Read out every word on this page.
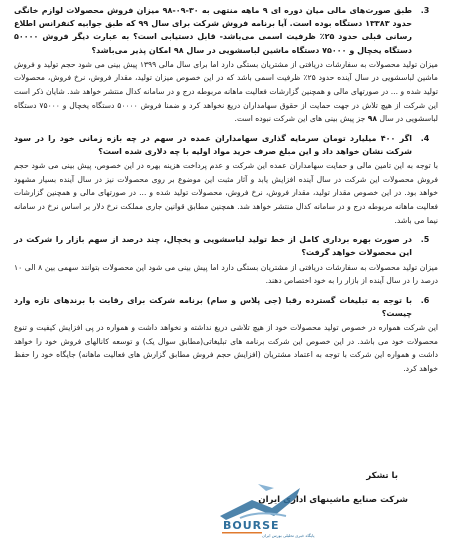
3.
طبق صورت‌های مالی میان دوره ای ۹ ماهه منتهی به ۳۰-۰۹-۹۸ میزان فروش محصولات لوازم خانگی حدود ۱۳۳۸۳ دستگاه بوده است. آیا برنامه فروش شرکت برای سال ۹۹ که طبق جوابیه کنفرانس اطلاع رسانی قبلی حدود ۲۵٪ ظرفیت اسمی می‌باشد- قابل دستیابی است؟ به عبارت دیگر فروش ۵۰۰۰۰ دستگاه یخچال و ۷۵۰۰۰ دستگاه ماشین لباسشویی در سال ۹۸ امکان پذیر می‌باشد؟
میزان تولید محصولات به سفارشات دریافتی از مشتریان بستگی دارد اما برای سال مالی ۱۳۹۹ پیش بینی می شود حجم تولید و فروش ماشین لباسشویی در سال آینده حدود ۲۵٪ ظرفیت اسمی باشد که در این خصوص میزان تولید، مقدار فروش، نرخ فروش، محصولات تولید شده و ... در صورتهای مالی و همچنین گزارشات فعالیت ماهانه مربوطه درج و در سامانه کدال منتشر خواهد شد. شایان ذکر است این شرکت از هیچ تلاش در جهت حمایت از حقوق سهامداران دریغ نخواهد کرد و ضمنا فروش ۵۰۰۰۰ دستگاه یخچال و ۷۵۰۰۰ دستگاه لباسشویی در سال ۹۸ جز پیش بینی های این شرکت نبوده است.
4.
اگر ۴۰۰ میلیارد تومان سرمایه گذاری سهامداران عمده در سهم در چه بازه زمانی خود را در سود شرکت نشان خواهد داد و این مبلغ صرف خرید مواد اولیه با چه دلاری شده است؟
با توجه به این تامین مالی و حمایت سهامداران عمده این شرکت و عدم پرداخت هزینه بهره در این خصوص، پیش بینی می شود حجم فروش محصولات این شرکت در سال آینده افزایش یابد و آثار مثبت این موضوع بر روی محصولات نیز در سال آینده بسیار مشهود خواهد بود. در این خصوص مقدار تولید، مقدار فروش، نرخ فروش، محصولات تولید شده و ... در صورتهای مالی و همچنین گزارشات فعالیت ماهانه مربوطه درج و در سامانه کدال منتشر خواهد شد. همچنین مطابق قوانین جاری مملکت نرخ دلار بر اساس نرخ در سامانه نیما می باشد.
5.
در صورت بهره برداری کامل از خط تولید لباسشویی و یخچال، چند درصد از سهم بازار را شرکت در این محصولات خواهد گرفت؟
میزان تولید محصولات به سفارشات دریافتی از مشتریان بستگی دارد اما پیش بینی می شود این محصولات بتوانند سهمی بین ۸ الی ۱۰ درصد را در سال آینده از بازار را به خود اختصاص دهند.
6.
با توجه به تبلیغات گسترده رقبا (جی پلاس و سام) برنامه شرکت برای رقابت با برندهای تازه وارد چیست؟
این شرکت همواره در خصوص تولید محصولات خود از هیچ تلاشی دریغ نداشته و نخواهد داشت و همواره در پی افزایش کیفیت و تنوع محصولات خود می باشد. در این خصوص این شرکت برنامه های تبلیغاتی(مطابق سوال یک) و توسعه کانالهای فروش خود را خواهد داشت و همواره این شرکت با توجه به اعتماد مشتریان (افزایش حجم فروش مطابق گزارش های فعالیت ماهانه) جایگاه خود را حفظ خواهد کرد.
با تشکر
شرکت صنایع ماشینهای اداری ایران
BOURSE
پایگاه خبری تحلیلی بورس ایران
